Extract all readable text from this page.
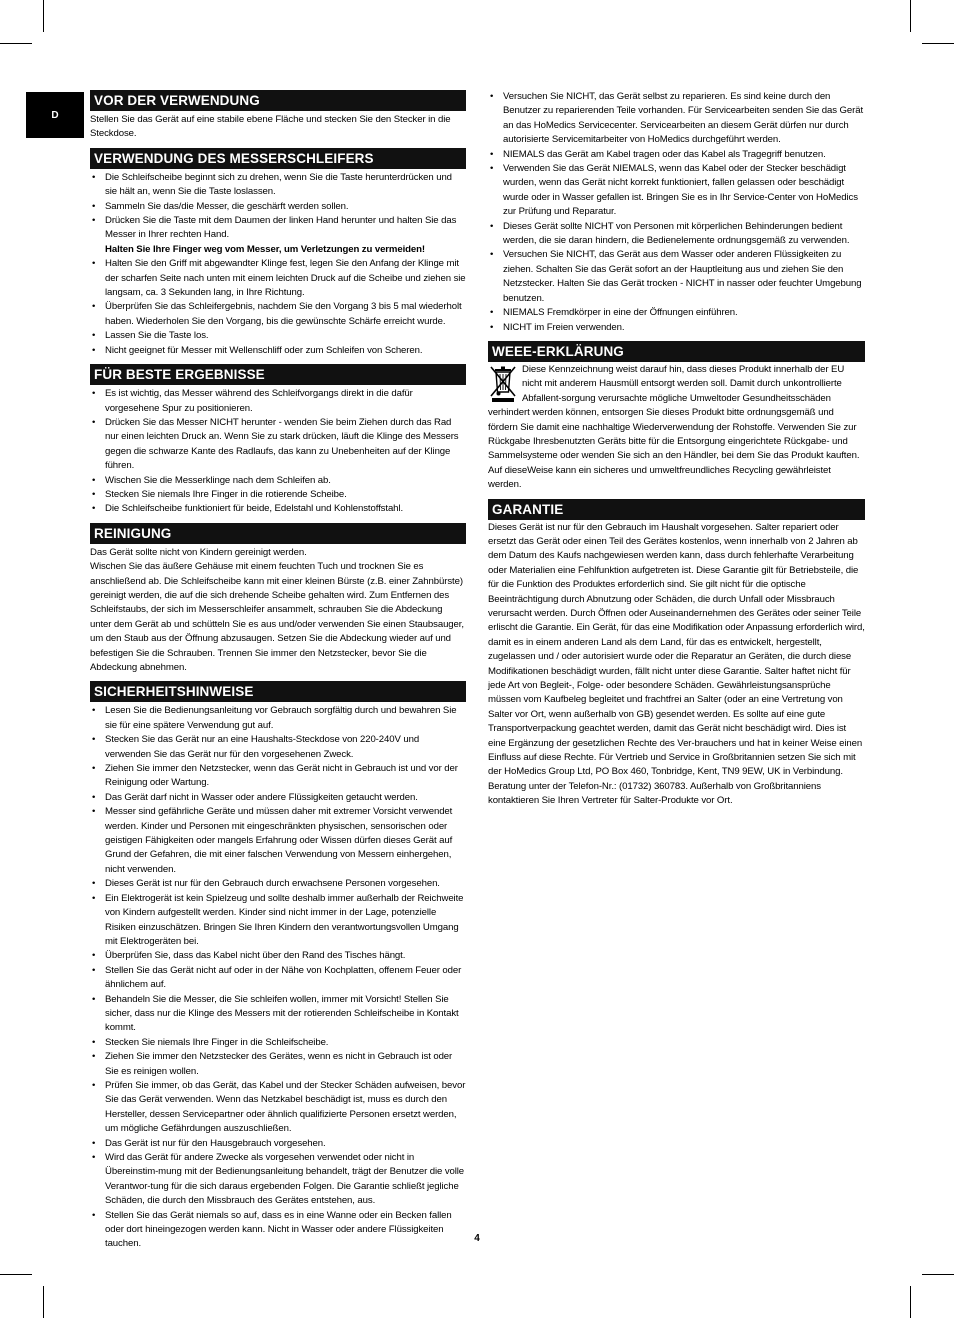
D
VOR DER VERWENDUNG

Stellen Sie das Gerät auf eine stabile ebene Fläche und stecken Sie den Stecker in die Steckdose.

VERWENDUNG DES MESSERSCHLEIFERS
• Die Schleifscheibe beginnt sich zu drehen, wenn Sie die Taste herunterdrücken und sie hält an, wenn Sie die Taste loslassen.
• Sammeln Sie das/die Messer, die geschärft werden sollen.
• Drücken Sie die Taste mit dem Daumen der linken Hand herunter und halten Sie das Messer in Ihrer rechten Hand.

Halten Sie Ihre Finger weg vom Messer, um Verletzungen zu vermeiden!

• Halten Sie den Griff mit abgewandter Klinge fest, legen Sie den Anfang der Klinge mit der scharfen Seite nach unten mit einem leichten Druck auf die Scheibe und ziehen sie langsam, ca. 3 Sekunden lang, in Ihre Richtung.
• Überprüfen Sie das Schleifergebnis, nachdem Sie den Vorgang 3 bis 5 mal wiederholt haben. Wiederholen Sie den Vorgang, bis die gewünschte Schärfe erreicht wurde.
• Lassen Sie die Taste los.
• Nicht geeignet für Messer mit Wellenschliff oder zum Schleifen von Scheren.
FÜR BESTE ERGEBNISSE
• Es ist wichtig, das Messer während des Schleifvorgangs direkt in die dafür vorgesehene Spur zu positionieren.
• Drücken Sie das Messer NICHT herunter - wenden Sie beim Ziehen durch das Rad nur einen leichten Druck an. Wenn Sie zu stark drücken, läuft die Klinge des Messers gegen die schwarze Kante des Radlaufs, das kann zu Unebenheiten auf der Klinge führen.
• Wischen Sie die Messerklinge nach dem Schleifen ab.
• Stecken Sie niemals Ihre Finger in die rotierende Scheibe.
• Die Schleifscheibe funktioniert für beide, Edelstahl und Kohlenstoffstahl.
REINIGUNG

Das Gerät sollte nicht von Kindern gereinigt werden.

Wischen Sie das äußere Gehäuse mit einem feuchten Tuch und trocknen Sie es anschließend ab. Die Schleifscheibe kann mit einer kleinen Bürste (z.B. einer Zahnbürste) gereinigt werden, die auf die sich drehende Scheibe gehalten wird. Zum Entfernen des Schleifstaubs, der sich im Messerschleifer ansammelt, schrauben Sie die Abdeckung unter dem Gerät ab und schütteln Sie es aus und/oder verwenden Sie einen Staubsauger, um den Staub aus der Öffnung abzusaugen. Setzen Sie die Abdeckung wieder auf und befestigen Sie die Schrauben. Trennen Sie immer den Netzstecker, bevor Sie die Abdeckung abnehmen.

SICHERHEITSHINWEISE
• Lesen Sie die Bedienungsanleitung vor Gebrauch sorgfältig durch und bewahren Sie sie für eine spätere Verwendung gut auf.
• Stecken Sie das Gerät nur an eine Haushalts-Steckdose von 220-240V und verwenden Sie das Gerät nur für den vorgesehenen Zweck.
• Ziehen Sie immer den Netzstecker, wenn das Gerät nicht in Gebrauch ist und vor der Reinigung oder Wartung.
• Das Gerät darf nicht in Wasser oder andere Flüssigkeiten getaucht werden.
• Messer sind gefährliche Geräte und müssen daher mit extremer Vorsicht verwendet werden. Kinder und Personen mit eingeschränkten physischen, sensorischen oder geistigen Fähigkeiten oder mangels Erfahrung oder Wissen dürfen dieses Gerät auf Grund der Gefahren, die mit einer falschen Verwendung von Messern einhergehen, nicht verwenden.
• Dieses Gerät ist nur für den Gebrauch durch erwachsene Personen vorgesehen.
• Ein Elektrogerät ist kein Spielzeug und sollte deshalb immer außerhalb der Reichweite von Kindern aufgestellt werden. Kinder sind nicht immer in der Lage, potenzielle Risiken einzuschätzen. Bringen Sie Ihren Kindern den verantwortungsvollen Umgang mit Elektrogeräten bei.
• Überprüfen Sie, dass das Kabel nicht über den Rand des Tisches hängt.
• Stellen Sie das Gerät nicht auf oder in der Nähe von Kochplatten, offenem Feuer oder ähnlichem auf.
• Behandeln Sie die Messer, die Sie schleifen wollen, immer mit Vorsicht! Stellen Sie sicher, dass nur die Klinge des Messers mit der rotierenden Schleifscheibe in Kontakt kommt.
• Stecken Sie niemals Ihre Finger in die Schleifscheibe.
• Ziehen Sie immer den Netzstecker des Gerätes, wenn es nicht in Gebrauch ist oder Sie es reinigen wollen.
• Prüfen Sie immer, ob das Gerät, das Kabel und der Stecker Schäden aufweisen, bevor Sie das Gerät verwenden. Wenn das Netzkabel beschädigt ist, muss es durch den Hersteller, dessen Servicepartner oder ähnlich qualifizierte Personen ersetzt werden, um mögliche Gefährdungen auszuschließen.
• Das Gerät ist nur für den Hausgebrauch vorgesehen.
• Wird das Gerät für andere Zwecke als vorgesehen verwendet oder nicht in Übereinstim-mung mit der Bedienungsanleitung behandelt, trägt der Benutzer die volle Verantwor-tung für die sich daraus ergebenden Folgen. Die Garantie schließt jegliche Schäden, die durch den Missbrauch des Gerätes entstehen, aus.
• Stellen Sie das Gerät niemals so auf, dass es in eine Wanne oder ein Becken fallen oder dort hineingezogen werden kann. Nicht in Wasser oder andere Flüssigkeiten tauchen.
• Versuchen Sie NICHT, das Gerät selbst zu reparieren. Es sind keine durch den Benutzer zu reparierenden Teile vorhanden. Für Servicearbeiten senden Sie das Gerät an das HoMedics Servicecenter. Servicearbeiten an diesem Gerät dürfen nur durch autorisierte Servicemitarbeiter von HoMedics durchgeführt werden.
• NIEMALS das Gerät am Kabel tragen oder das Kabel als Tragegriff benutzen.
• Verwenden Sie das Gerät NIEMALS, wenn das Kabel oder der Stecker beschädigt wurden, wenn das Gerät nicht korrekt funktioniert, fallen gelassen oder beschädigt wurde oder in Wasser gefallen ist. Bringen Sie es in Ihr Service-Center von HoMedics zur Prüfung und Reparatur.
• Dieses Gerät sollte NICHT von Personen mit körperlichen Behinderungen bedient werden, die sie daran hindern, die Bedienelemente ordnungsgemäß zu verwenden.
• Versuchen Sie NICHT, das Gerät aus dem Wasser oder anderen Flüssigkeiten zu ziehen. Schalten Sie das Gerät sofort an der Hauptleitung aus und ziehen Sie den Netzstecker. Halten Sie das Gerät trocken - NICHT in nasser oder feuchter Umgebung benutzen.
• NIEMALS Fremdkörper in eine der Öffnungen einführen.
• NICHT im Freien verwenden.
WEEE-ERKLÄRUNG

Diese Kennzeichnung weist darauf hin, dass dieses Produkt innerhalb der EU nicht mit anderem Hausmüll entsorgt werden soll. Damit durch unkontrollierte Abfallent-sorgung verursachte mögliche Umweltoder Gesundheitsschäden verhindert werden können, entsorgen Sie dieses Produkt bitte ordnungsgemäß und fördern Sie damit eine nachhaltige Wiederverwendung der Rohstoffe. Verwenden Sie zur Rückgabe Ihresbenutzten Geräts bitte für die Entsorgung eingerichtete Rückgabe- und Sammelsysteme oder wenden Sie sich an den Händler, bei dem Sie das Produkt kauften. Auf dieseWeise kann ein sicheres und umweltfreundliches Recycling gewährleistet werden.

GARANTIE

Dieses Gerät ist nur für den Gebrauch im Haushalt vorgesehen. Salter repariert oder ersetzt das Gerät oder einen Teil des Gerätes kostenlos, wenn innerhalb von 2 Jahren ab dem Datum des Kaufs nachgewiesen werden kann, dass durch fehlerhafte Verarbeitung oder Materialien eine Fehlfunktion aufgetreten ist. Diese Garantie gilt für Betriebsteile, die für die Funktion des Produktes erforderlich sind. Sie gilt nicht für die optische Beeinträchtigung durch Abnutzung oder Schäden, die durch Unfall oder Missbrauch verursacht werden. Durch Öffnen oder Auseinandernehmen des Gerätes oder seiner Teile erlischt die Garantie. Ein Gerät, für das eine Modifikation oder Anpassung erforderlich wird, damit es in einem anderen Land als dem Land, für das es entwickelt, hergestellt, zugelassen und / oder autorisiert wurde oder die Reparatur an Geräten, die durch diese Modifikationen beschädigt wurden, fällt nicht unter diese Garantie. Salter haftet nicht für jede Art von Begleit-, Folge- oder besondere Schäden. Gewährleistungsansprüche müssen vom Kaufbeleg begleitet und frachtfrei an Salter (oder an eine Vertretung von Salter vor Ort, wenn außerhalb von GB) gesendet werden. Es sollte auf eine gute Transportverpackung geachtet werden, damit das Gerät nicht beschädigt wird. Dies ist eine Ergänzung der gesetzlichen Rechte des Ver-brauchers und hat in keiner Weise einen Einfluss auf diese Rechte. Für Vertrieb und Service in Großbritannien setzen Sie sich mit der HoMedics Group Ltd, PO Box 460, Tonbridge, Kent, TN9 9EW, UK in Verbindung. Beratung unter der Telefon-Nr.: (01732) 360783. Außerhalb von Großbritanniens kontaktieren Sie Ihren Vertreter für Salter-Produkte vor Ort.

4
